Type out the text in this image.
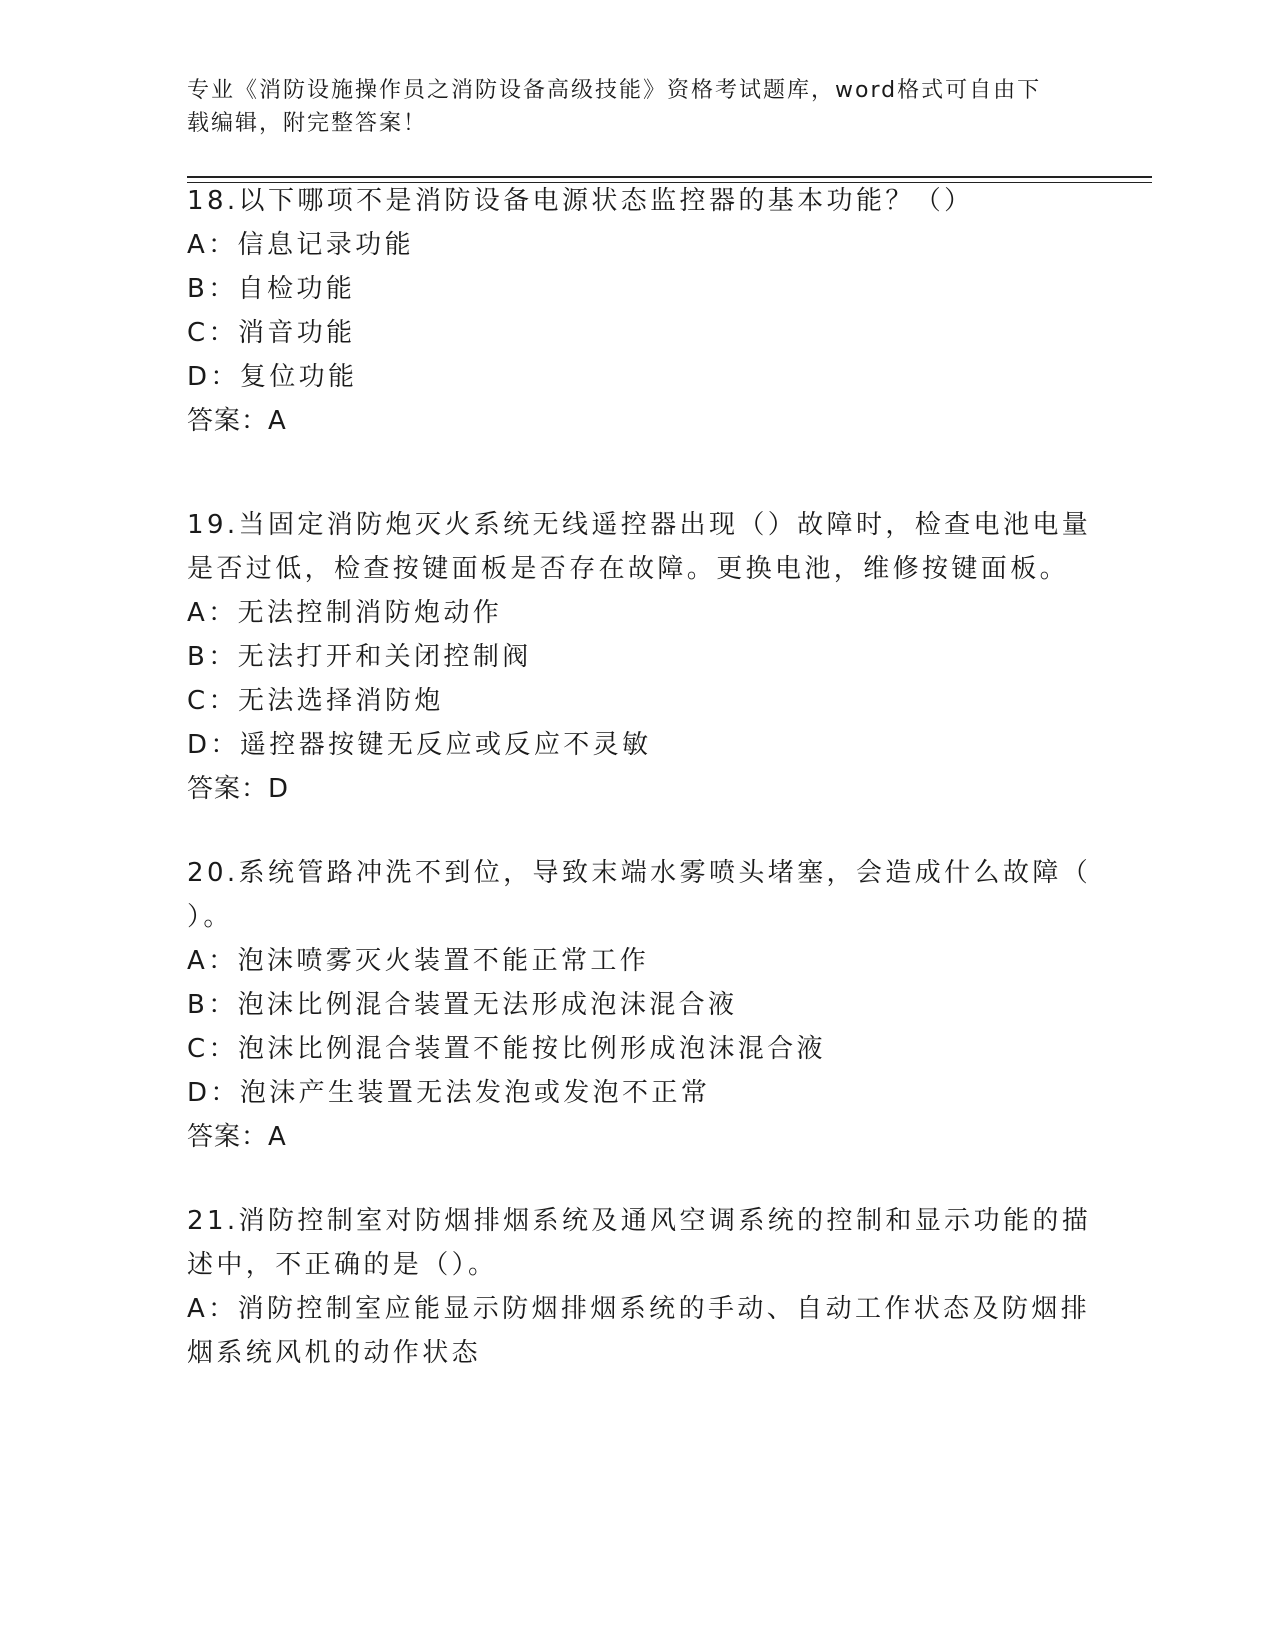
专业《消防设施操作员之消防设备高级技能》资格考试题库，word格式可自由下
载编辑，附完整答案！
18.以下哪项不是消防设备电源状态监控器的基本功能？（）
A：信息记录功能
B：自检功能
C：消音功能
D：复位功能
答案：A
19.当固定消防炮灭火系统无线遥控器出现（）故障时，检查电池电量
是否过低，检查按键面板是否存在故障。更换电池，维修按键面板。
A：无法控制消防炮动作
B：无法打开和关闭控制阀
C：无法选择消防炮
D：遥控器按键无反应或反应不灵敏
答案：D
20.系统管路冲洗不到位，导致末端水雾喷头堵塞，会造成什么故障（
）。
A：泡沫喷雾灭火装置不能正常工作
B：泡沫比例混合装置无法形成泡沫混合液
C：泡沫比例混合装置不能按比例形成泡沫混合液
D：泡沫产生装置无法发泡或发泡不正常
答案：A
21.消防控制室对防烟排烟系统及通风空调系统的控制和显示功能的描
述中，不正确的是（）。
A：消防控制室应能显示防烟排烟系统的手动、自动工作状态及防烟排
烟系统风机的动作状态
